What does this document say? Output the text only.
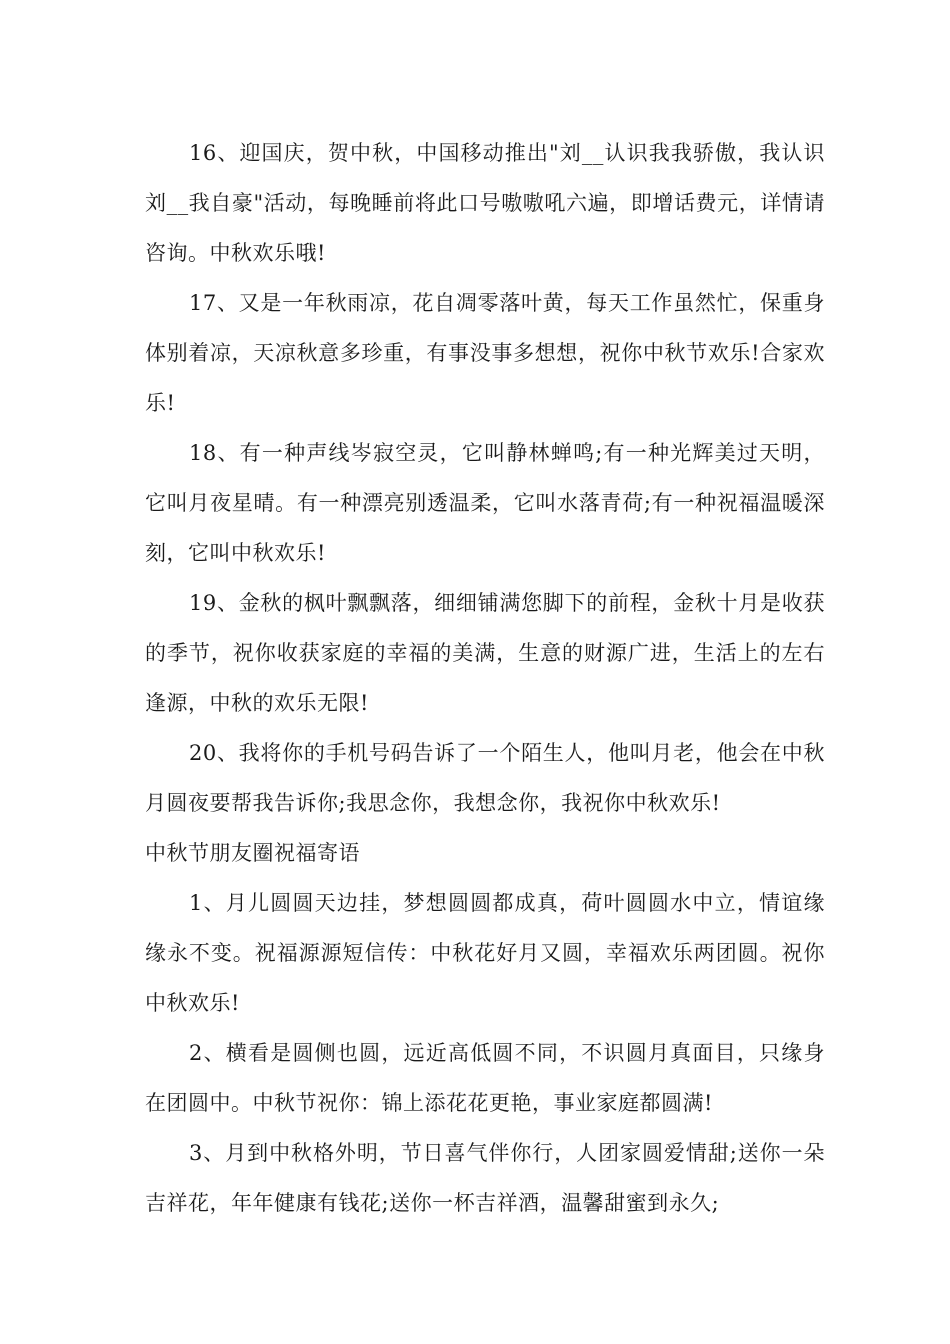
16、迎国庆，贺中秋，中国移动推出"刘__认识我我骄傲，我认识刘__我自豪"活动，每晚睡前将此口号嗷嗷吼六遍，即增话费元，详情请咨询。中秋欢乐哦!

17、又是一年秋雨凉，花自凋零落叶黄，每天工作虽然忙，保重身体别着凉，天凉秋意多珍重，有事没事多想想，祝你中秋节欢乐!合家欢乐!

18、有一种声线岑寂空灵，它叫静林蝉鸣;有一种光辉美过天明，它叫月夜星晴。有一种漂亮别透温柔，它叫水落青荷;有一种祝福温暖深刻，它叫中秋欢乐!

19、金秋的枫叶飘飘落，细细铺满您脚下的前程，金秋十月是收获的季节，祝你收获家庭的幸福的美满，生意的财源广进，生活上的左右逢源，中秋的欢乐无限!

20、我将你的手机号码告诉了一个陌生人，他叫月老，他会在中秋月圆夜要帮我告诉你;我思念你，我想念你，我祝你中秋欢乐!

中秋节朋友圈祝福寄语

1、月儿圆圆天边挂，梦想圆圆都成真，荷叶圆圆水中立，情谊缘缘永不变。祝福源源短信传：中秋花好月又圆，幸福欢乐两团圆。祝你中秋欢乐!

2、横看是圆侧也圆，远近高低圆不同，不识圆月真面目，只缘身在团圆中。中秋节祝你：锦上添花花更艳，事业家庭都圆满!

3、月到中秋格外明，节日喜气伴你行，人团家圆爱情甜;送你一朵吉祥花，年年健康有钱花;送你一杯吉祥酒，温馨甜蜜到永久;
